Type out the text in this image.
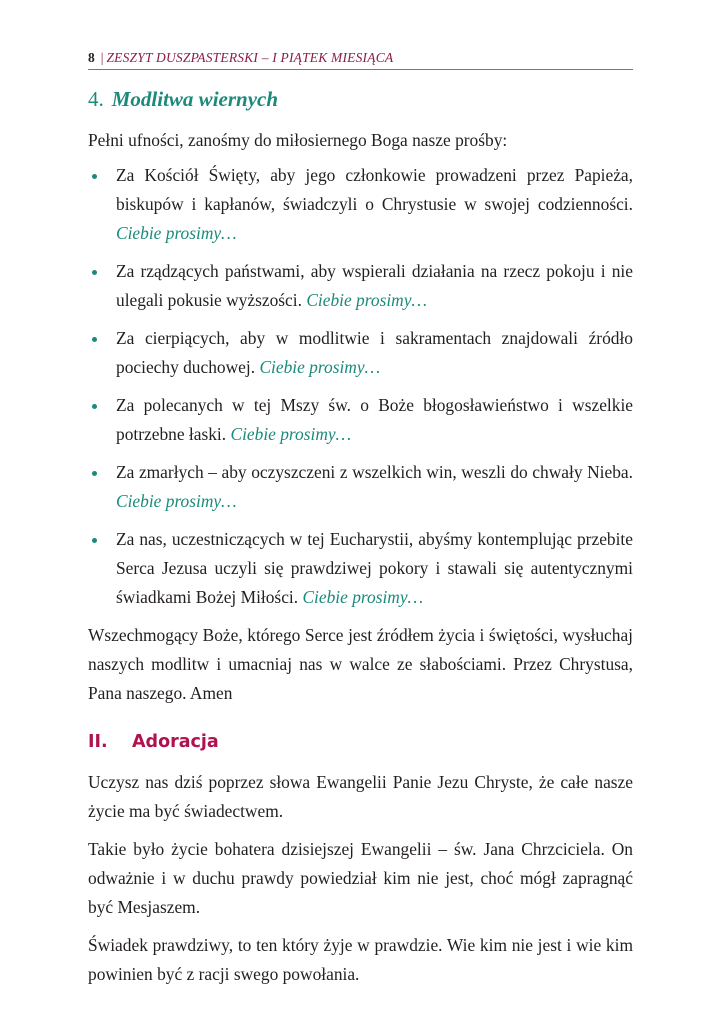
8 | ZESZYT DUSZPASTERSKI – I PIĄTEK MIESIĄCA
4. Modlitwa wiernych

Pełni ufności, zanośmy do miłosiernego Boga nasze prośby:

Za Kościół Święty, aby jego członkowie prowadzeni przez Papieża, biskupów i kapłanów, świadczyli o Chrystusie w swojej codzienności. Ciebie prosimy…
Za rządzących państwami, aby wspierali działania na rzecz pokoju i nie ulegali pokusie wyższości. Ciebie prosimy…
Za cierpiących, aby w modlitwie i sakramentach znajdowali źródło pociechy duchowej. Ciebie prosimy…
Za polecanych w tej Mszy św. o Boże błogosławieństwo i wszelkie potrzebne łaski. Ciebie prosimy…
Za zmarłych – aby oczyszczeni z wszelkich win, weszli do chwały Nieba. Ciebie prosimy…
Za nas, uczestniczących w tej Eucharystii, abyśmy kontemplując przebite Serca Jezusa uczyli się prawdziwej pokory i stawali się autentycznymi świadkami Bożej Miłości. Ciebie prosimy…

Wszechmogący Boże, którego Serce jest źródłem życia i świętości, wysłuchaj naszych modlitw i umacniaj nas w walce ze słabościami. Przez Chrystusa, Pana naszego. Amen

II. Adoracja

Uczysz nas dziś poprzez słowa Ewangelii Panie Jezu Chryste, że całe nasze życie ma być świadectwem.

Takie było życie bohatera dzisiejszej Ewangelii – św. Jana Chrzciciela. On odważnie i w duchu prawdy powiedział kim nie jest, choć mógł zapragnąć być Mesjaszem.

Świadek prawdziwy, to ten który żyje w prawdzie. Wie kim nie jest i wie kim powinien być z racji swego powołania.
